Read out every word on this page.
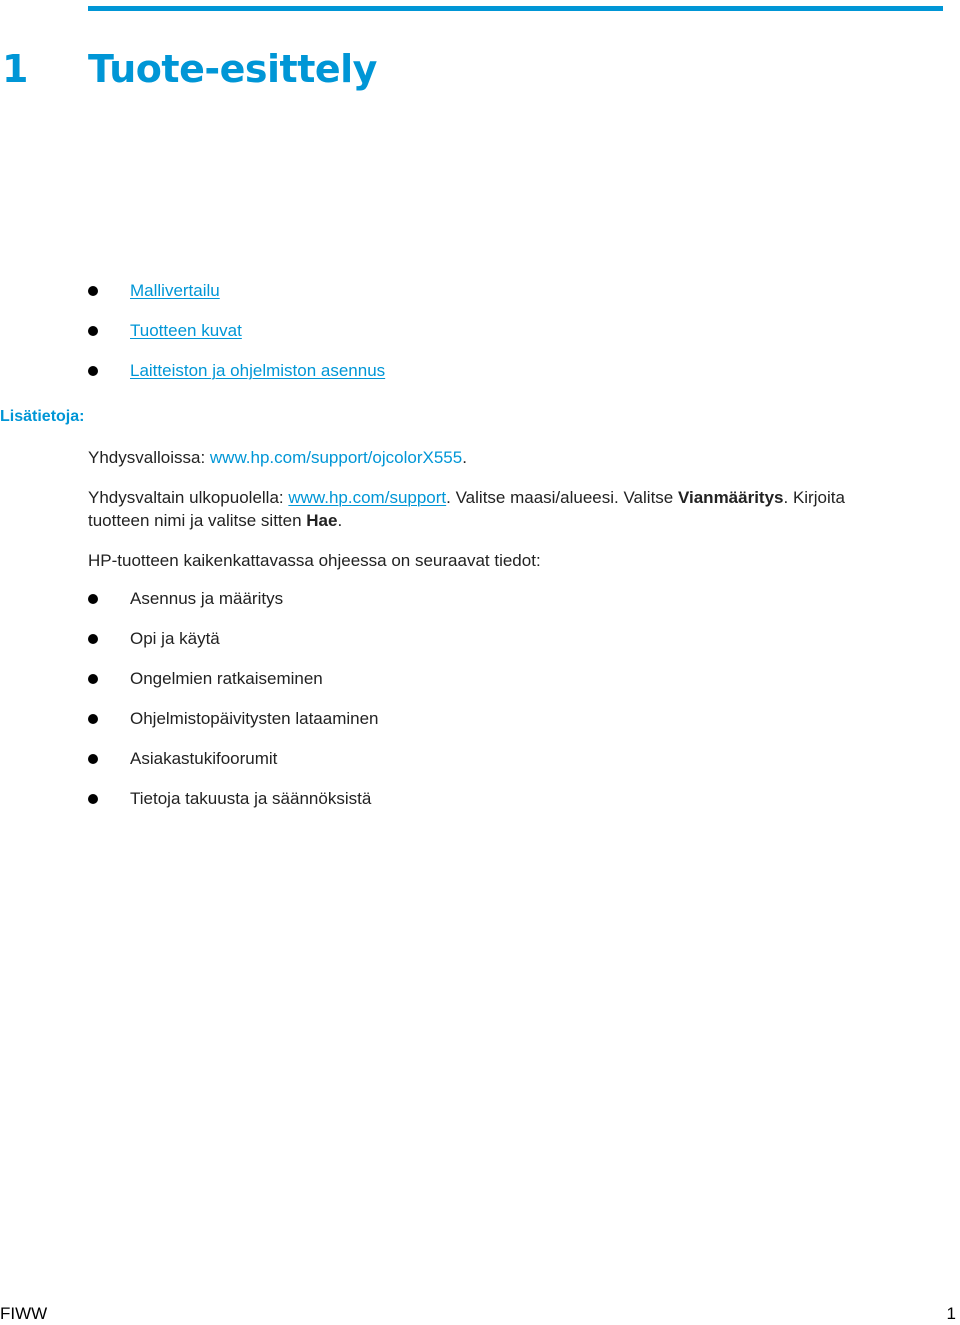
1	Tuote-esittely
Mallivertailu
Tuotteen kuvat
Laitteiston ja ohjelmiston asennus
Lisätietoja:

Yhdysvalloissa: www.hp.com/support/ojcolorX555.

Yhdysvaltain ulkopuolella: www.hp.com/support. Valitse maasi/alueesi. Valitse Vianmääritys. Kirjoita tuotteen nimi ja valitse sitten Hae.

HP-tuotteen kaikenkattavassa ohjeessa on seuraavat tiedot:

Asennus ja määritys
Opi ja käytä
Ongelmien ratkaiseminen
Ohjelmistopäivitysten lataaminen
Asiakastukifoorumit
Tietoja takuusta ja säännöksistä
FIWW	1
